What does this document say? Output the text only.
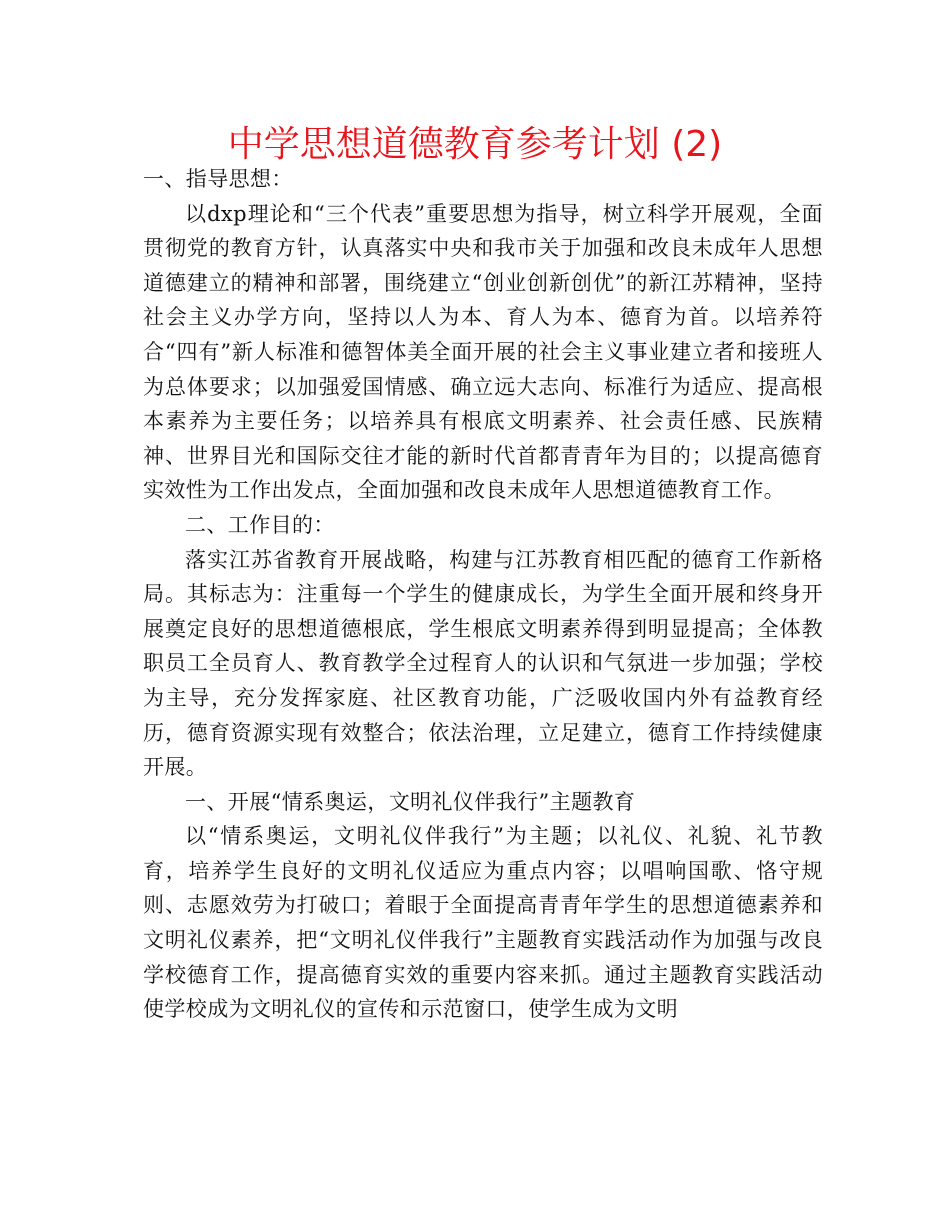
中学思想道德教育参考计划 (2)

一、指导思想：

以dxp理论和“三个代表”重要思想为指导，树立科学开展观，全面贯彻党的教育方针，认真落实中央和我市关于加强和改良未成年人思想道德建立的精神和部署，围绕建立“创业创新创优”的新江苏精神，坚持社会主义办学方向，坚持以人为本、育人为本、德育为首。以培养符合“四有”新人标准和德智体美全面开展的社会主义事业建立者和接班人为总体要求；以加强爱国情感、确立远大志向、标准行为适应、提高根本素养为主要任务；以培养具有根底文明素养、社会责任感、民族精神、世界目光和国际交往才能的新时代首都青青年为目的；以提高德育实效性为工作出发点，全面加强和改良未成年人思想道德教育工作。

二、工作目的：

落实江苏省教育开展战略，构建与江苏教育相匹配的德育工作新格局。其标志为：注重每一个学生的健康成长，为学生全面开展和终身开展奠定良好的思想道德根底，学生根底文明素养得到明显提高；全体教职员工全员育人、教育教学全过程育人的认识和气氛进一步加强；学校为主导，充分发挥家庭、社区教育功能，广泛吸收国内外有益教育经历，德育资源实现有效整合；依法治理，立足建立，德育工作持续健康开展。

一、开展“情系奥运，文明礼仪伴我行”主题教育

以“情系奥运，文明礼仪伴我行”为主题；以礼仪、礼貌、礼节教育，培养学生良好的文明礼仪适应为重点内容；以唱响国歌、恪守规则、志愿效劳为打破口；着眼于全面提高青青年学生的思想道德素养和文明礼仪素养，把“文明礼仪伴我行”主题教育实践活动作为加强与改良学校德育工作，提高德育实效的重要内容来抓。通过主题教育实践活动使学校成为文明礼仪的宣传和示范窗口，使学生成为文明
